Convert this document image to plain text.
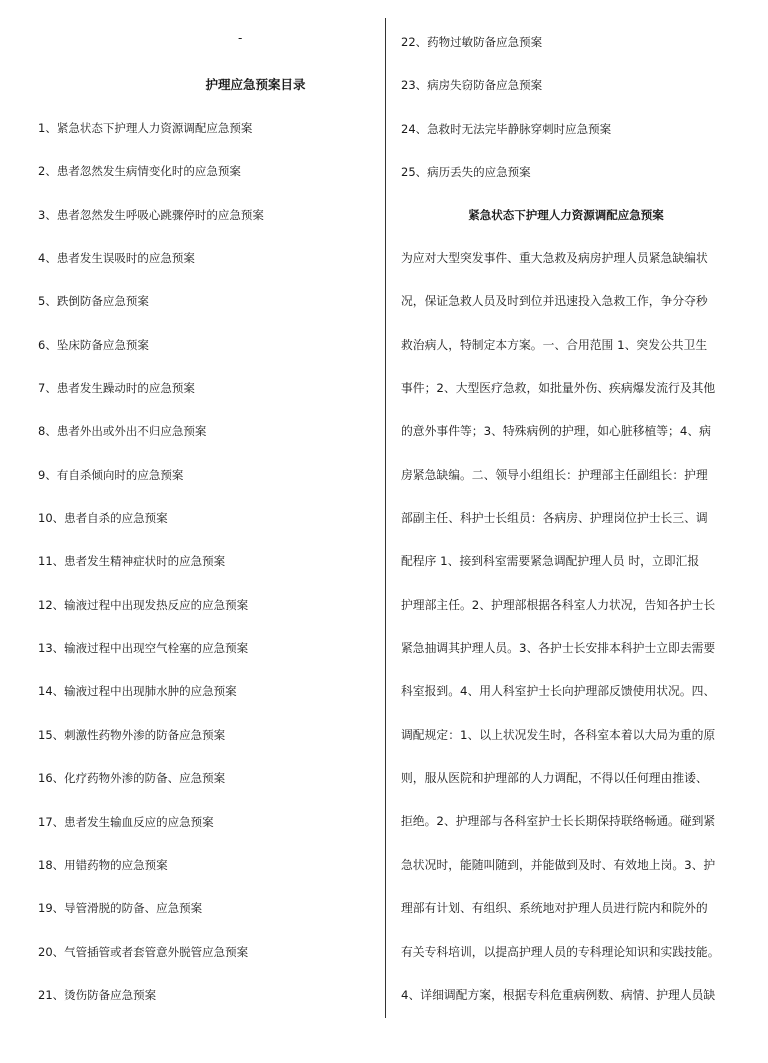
-
护理应急预案目录
1、紧急状态下护理人力资源调配应急预案
2、患者忽然发生病情变化时的应急预案
3、患者忽然发生呼吸心跳骤停时的应急预案
4、患者发生误吸时的应急预案
5、跌倒防备应急预案
6、坠床防备应急预案
7、患者发生躁动时的应急预案
8、患者外出或外出不归应急预案
9、有自杀倾向时的应急预案
10、患者自杀的应急预案
11、患者发生精神症状时的应急预案
12、输液过程中出现发热反应的应急预案
13、输液过程中出现空气栓塞的应急预案
14、输液过程中出现肺水肿的应急预案
15、刺激性药物外渗的防备应急预案
16、化疗药物外渗的防备、应急预案
17、患者发生输血反应的应急预案
18、用错药物的应急预案
19、导管滑脱的防备、应急预案
20、气管插管或者套管意外脱管应急预案
21、烫伤防备应急预案
22、药物过敏防备应急预案
23、病房失窃防备应急预案
24、急救时无法完毕静脉穿刺时应急预案
25、病历丢失的应急预案
紧急状态下护理人力资源调配应急预案
为应对大型突发事件、重大急救及病房护理人员紧急缺编状
况，保证急救人员及时到位并迅速投入急救工作，争分夺秒
救治病人，特制定本方案。一、合用范围 1、突发公共卫生
事件；2、大型医疗急救，如批量外伤、疾病爆发流行及其他
的意外事件等；3、特殊病例的护理，如心脏移植等；4、病
房紧急缺编。二、领导小组组长：护理部主任副组长：护理
部副主任、科护士长组员：各病房、护理岗位护士长三、调
配程序 1、接到科室需要紧急调配护理人员 时，立即汇报
护理部主任。2、护理部根据各科室人力状况，告知各护士长
紧急抽调其护理人员。3、各护士长安排本科护士立即去需要
科室报到。4、用人科室护士长向护理部反馈使用状况。四、
调配规定：1、以上状况发生时，各科室本着以大局为重的原
则，服从医院和护理部的人力调配，不得以任何理由推诿、
拒绝。2、护理部与各科室护士长长期保持联络畅通。碰到紧
急状况时，能随叫随到，并能做到及时、有效地上岗。3、护
理部有计划、有组织、系统地对护理人员进行院内和院外的
有关专科培训，以提高护理人员的专科理论知识和实践技能。
4、详细调配方案，根据专科危重病例数、病情、护理人员缺
